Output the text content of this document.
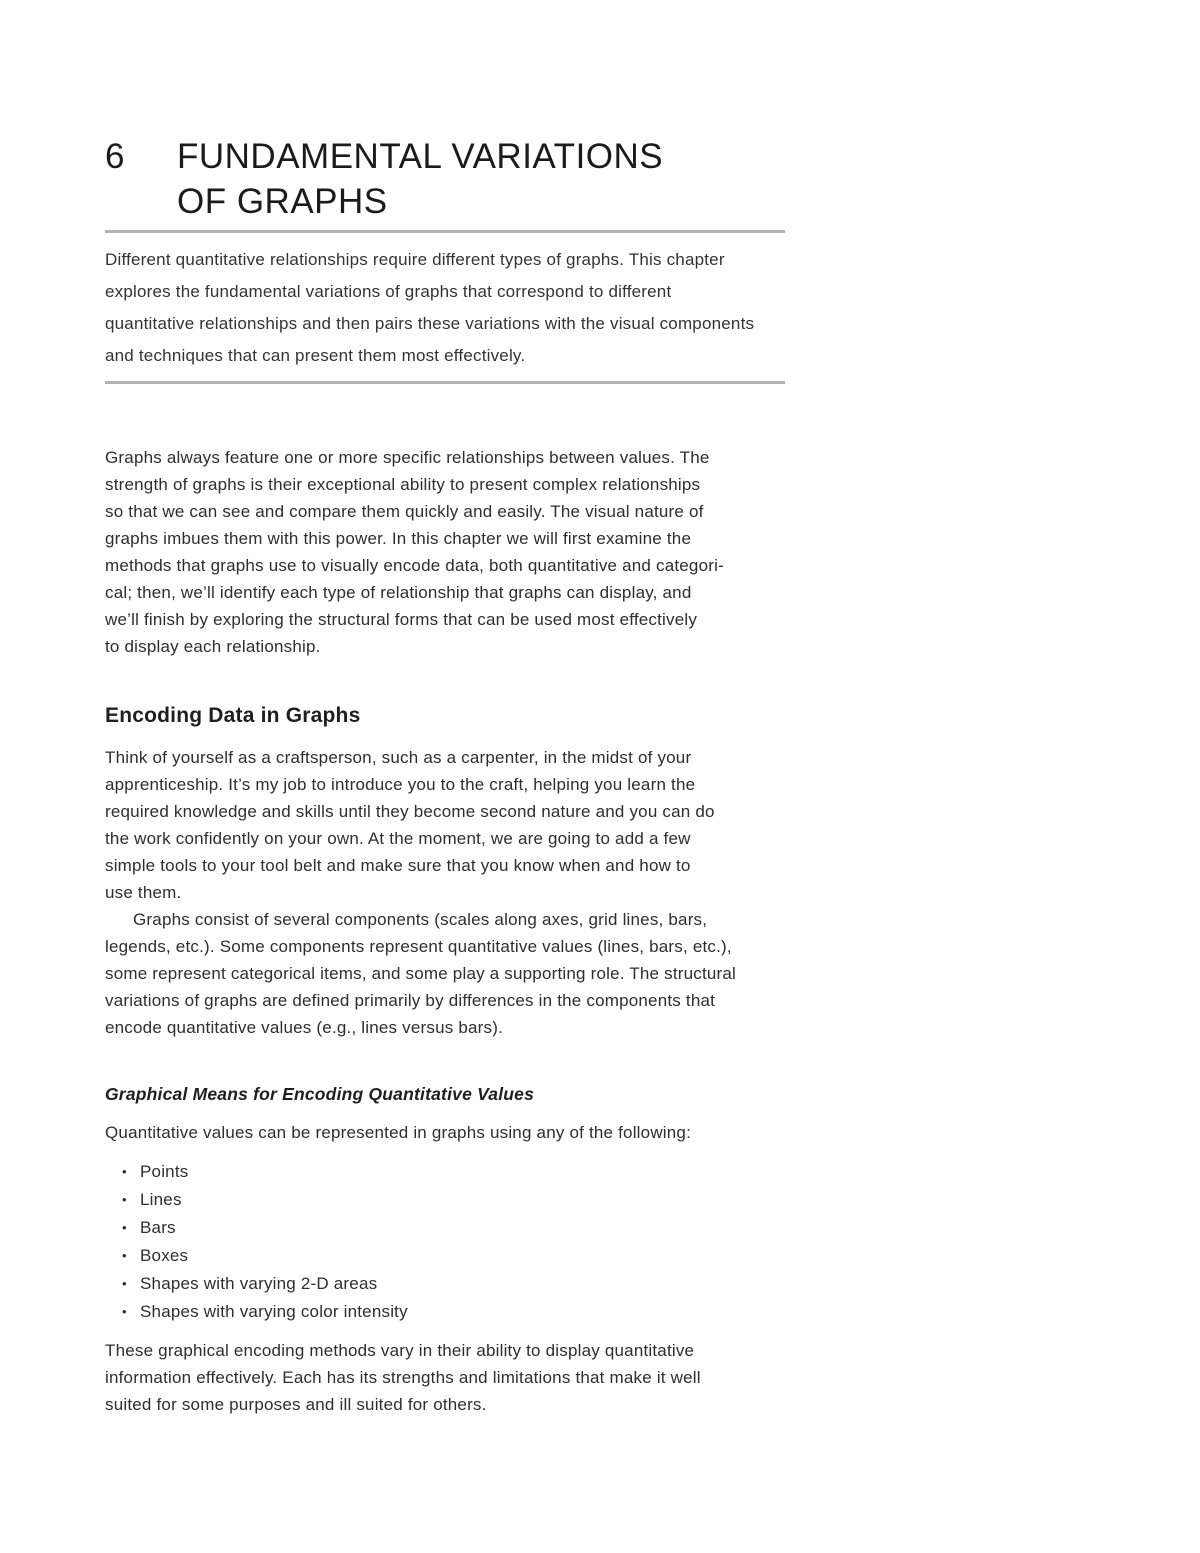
6	FUNDAMENTAL VARIATIONS
OF GRAPHS
Different quantitative relationships require different types of graphs. This chapter
explores the fundamental variations of graphs that correspond to different
quantitative relationships and then pairs these variations with the visual components
and techniques that can present them most effectively.
Graphs always feature one or more specific relationships between values. The
strength of graphs is their exceptional ability to present complex relationships
so that we can see and compare them quickly and easily. The visual nature of
graphs imbues them with this power. In this chapter we will first examine the
methods that graphs use to visually encode data, both quantitative and categori-
cal; then, we’ll identify each type of relationship that graphs can display, and
we’ll finish by exploring the structural forms that can be used most effectively
to display each relationship.
Encoding Data in Graphs
Think of yourself as a craftsperson, such as a carpenter, in the midst of your
apprenticeship. It’s my job to introduce you to the craft, helping you learn the
required knowledge and skills until they become second nature and you can do
the work confidently on your own. At the moment, we are going to add a few
simple tools to your tool belt and make sure that you know when and how to
use them.
Graphs consist of several components (scales along axes, grid lines, bars,
legends, etc.). Some components represent quantitative values (lines, bars, etc.),
some represent categorical items, and some play a supporting role. The structural
variations of graphs are defined primarily by differences in the components that
encode quantitative values (e.g., lines versus bars).
Graphical Means for Encoding Quantitative Values
Quantitative values can be represented in graphs using any of the following:
• Points
• Lines
• Bars
• Boxes
• Shapes with varying 2-D areas
• Shapes with varying color intensity
These graphical encoding methods vary in their ability to display quantitative
information effectively. Each has its strengths and limitations that make it well
suited for some purposes and ill suited for others.
